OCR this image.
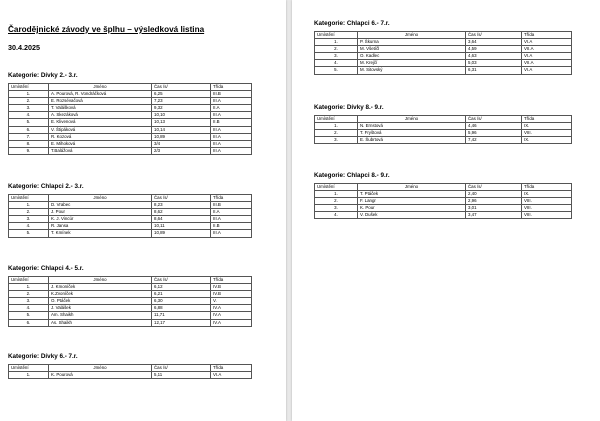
Čarodějnické závody ve šplhu – výsledková listina

30.4.2025

Kategorie: Dívky 2.- 3.r.

Umístění	Jméno	Čas /s/	Třída
1.	A. Pourová, R. Vondráčková	6,25	III.B
2.	E. Rozsévačová	7,23	III.A
3.	T. Valášková	9,32	II.A
4.	A. Skezáková	10,10	III.A
5.	E. Klivenová	10,13	II.B
6.	V. Štipáková	10,14	III.A
7.	R. Kozová	10,89	III.A
8.	E. Mihoková	3/4	III.A
9.	T.Balážová	2/3	III.A

Kategorie: Chlapci 2.- 3.r.

Umístění	Jméno	Čas /s/	Třída
1.	D. Vrabec	8,23	III.B
2.	J. Pour	8,62	II.A
3.	K. J. Vincúr	8,64	III.A
4.	R. Jansa	10,11	II.B
5.	T. Kmínek	10,89	III.A

Kategorie: Chlapci 4.- 5.r.

Umístění	Jméno	Čas /s/	Třída
1.	J. Kmoníček	6,12	IV.B
2.	K.Zvoníček	6,21	IV.B
3.	O. Ptáček	6,30	V.
4.	J. Valášek	6,88	IV.A
5.	Am. Shaikh	11,71	IV.A
6.	As. Shaikh	12,17	IV.A

Kategorie: Dívky 6.- 7.r.

Umístění	Jméno	Čas /s/	Třída
1.	K. Pourová	5,11	VI.A

Kategorie: Chlapci 6.- 7.r.

Umístění	Jméno	Čas /s/	Třída
1.	P. Škurna	3,64	VI.A
2.	M. Všetíčl	4,59	VII.A
3.	O. Kadlec	4,63	VI.A
4.	M. Krejčí	5,03	VII.A
5.	M. Sitovský	6,31	VI.A

Kategorie: Dívky 8.- 9.r.

Umístění	Jméno	Čas /s/	Třída
1.	N. Ernstová	4,46	IX.
2.	T. Fryštová	5,96	VIII.
3.	E. Šubrtová	7,42	IX.

Kategorie: Chlapci 8.- 9.r.

Umístění	Jméno	Čas /s/	Třída
1.	T. Ptáček	2,40	IX.
2.	F. Langr	2,96	VIII.
3.	K. Pour	3,01	VIII.
4.	V. Dušek	3,47	VIII.
